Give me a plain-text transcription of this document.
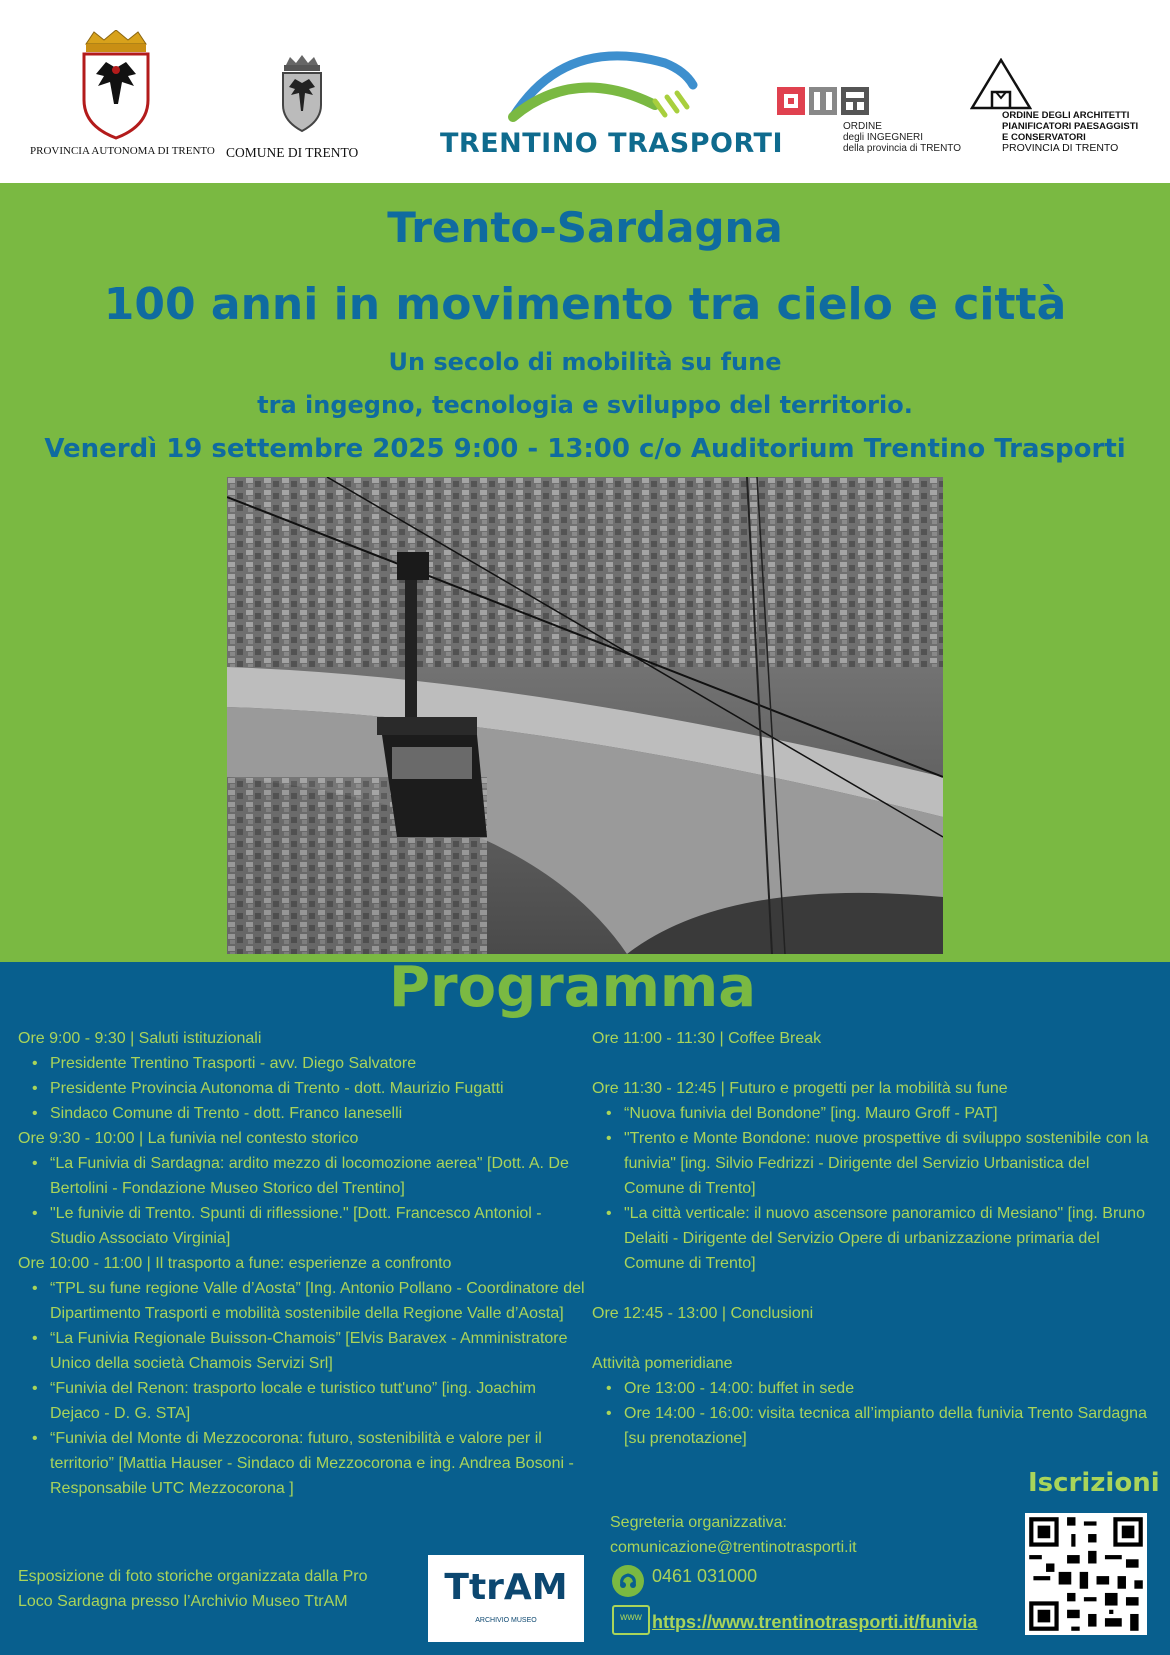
PROVINCIA AUTONOMA DI TRENTO COMUNE DI TRENTO	TRENTINO TRASPORTI
ORDINE
degli INGEGNERI
della provincia di TRENTO
ORDINE DEGLI ARCHITETTI
PIANIFICATORI PAESAGGISTI
E CONSERVATORI
PROVINCIA DI TRENTO
Trento-Sardagna
100 anni in movimento tra cielo e città
Un secolo di mobilità su fune
tra ingegno, tecnologia e sviluppo del territorio.
Venerdì 19 settembre 2025 9:00 - 13:00 c/o Auditorium Trentino Trasporti
Programma
Ore 9:00 - 9:30 | Saluti istituzionali
• Presidente Trentino Trasporti - avv. Diego Salvatore
• Presidente Provincia Autonoma di Trento - dott. Maurizio Fugatti
• Sindaco Comune di Trento - dott. Franco Ianeselli
Ore 9:30 - 10:00 | La funivia nel contesto storico
• “La Funivia di Sardagna: ardito mezzo di locomozione aerea" [Dott. A. De Bertolini - Fondazione Museo Storico del Trentino]
• "Le funivie di Trento. Spunti di riflessione." [Dott. Francesco Antoniol - Studio Associato Virginia]
Ore 10:00 - 11:00 | Il trasporto a fune: esperienze a confronto
• “TPL su fune regione Valle d’Aosta” [Ing. Antonio Pollano - Coordinatore del Dipartimento Trasporti e mobilità sostenibile della Regione Valle d’Aosta]
• “La Funivia Regionale Buisson-Chamois” [Elvis Baravex - Amministratore Unico della società Chamois Servizi Srl]
• “Funivia del Renon: trasporto locale e turistico tutt'uno” [ing. Joachim Dejaco - D. G. STA]
• “Funivia del Monte di Mezzocorona: futuro, sostenibilità e valore per il territorio” [Mattia Hauser - Sindaco di Mezzocorona e ing. Andrea Bosoni - Responsabile UTC Mezzocorona ]
Ore 11:00 - 11:30 | Coffee Break
Ore 11:30 - 12:45 | Futuro e progetti per la mobilità su fune
• “Nuova funivia del Bondone” [ing. Mauro Groff - PAT]
• "Trento e Monte Bondone: nuove prospettive di sviluppo sostenibile con la funivia" [ing. Silvio Fedrizzi - Dirigente del Servizio Urbanistica del Comune di Trento]
• "La città verticale: il nuovo ascensore panoramico di Mesiano" [ing. Bruno Delaiti - Dirigente del Servizio Opere di urbanizzazione primaria del Comune di Trento]
Ore 12:45 - 13:00 | Conclusioni
Attività pomeridiane
• Ore 13:00 - 14:00: buffet in sede
• Ore 14:00 - 16:00: visita tecnica all’impianto della funivia Trento Sardagna [su prenotazione]
Esposizione di foto storiche organizzata dalla Pro Loco Sardagna presso l’Archivio Museo TtrAM	TtrAM
ARCHIVIO MUSEO
Segreteria organizzativa:
comunicazione@trentinotrasporti.it
0461 031000
www https://www.trentinotrasporti.it/funivia
Iscrizioni
